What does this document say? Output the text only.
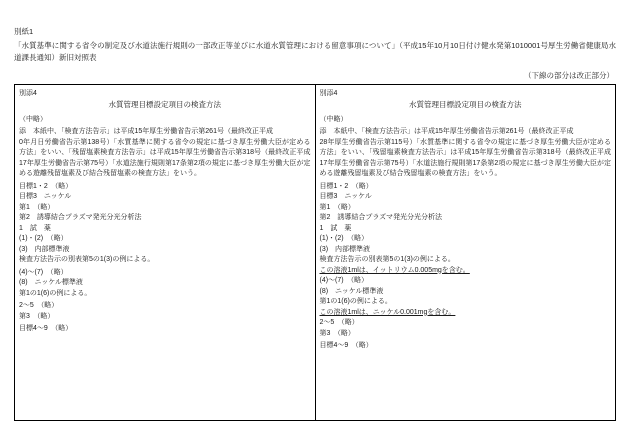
別紙1
「水質基準に関する省令の制定及び水道法施行規則の一部改正等並びに水道水質管理における留意事項について」（平成15年10月10日付け健水発第1010001号厚生労働省健康局水道課長通知）新旧対照表
（下線の部分は改正部分）
別添4
水質管理目標設定項目の検査方法
（中略）
添　本紙中、「検査方法告示」は平成15年厚生労働省告示第261号（最終改正平成
0年月日労働省告示第138号）「水質基準に関する省令の規定に基づき厚生労働大臣が定める方法」をいい、「残留塩素検査方法告示」は平成15年厚生労働省告示第318号（最終改正平成17年厚生労働省告示第75号）「水道法施行規則第17条第2項の規定に基づき厚生労働大臣が定める遊離残留塩素及び結合残留塩素の検査方法」をいう。
目標1・2　（略）
目標3　ニッケル
第1　（略）
第2　誘導結合プラズマ発光分光分析法
1　試　薬
(1)・(2)　（略）
(3)　内部標準液
検査方法告示の別表第5の1(3)の例による。
(4)～(7)　（略）
(8)　ニッケル標準液
第1の1(6)の例による。
2～5　（略）
第3　（略）
目標4～9　（略）

別添4
水質管理目標設定項目の検査方法
（中略）
添　本紙中、「検査方法告示」は平成15年厚生労働省告示第261号（最終改正平成
28年厚生労働省告示第115号）「水質基準に関する省令の規定に基づき厚生労働大臣が定める方法」をいい、「残留塩素検査方法告示」は平成15年厚生労働省告示第318号（最終改正平成17年厚生労働省告示第75号）「水道法施行規則第17条第2項の規定に基づき厚生労働大臣が定める遊離残留塩素及び結合残留塩素の検査方法」をいう。
目標1・2　（略）
目標3　ニッケル
第1　（略）
第2　誘導結合プラズマ発光分光分析法
1　試　薬
(1)・(2)　（略）
(3)　内部標準液
検査方法告示の別表第5の1(3)の例による。
この溶液1mlは、イットリウム0.005mgを含む。
(4)～(7)　（略）
(8)　ニッケル標準液
第1の1(6)の例による。
この溶液1mlは、ニッケル0.001mgを含む。
2～5　（略）
第3　（略）
目標4～9　（略）
